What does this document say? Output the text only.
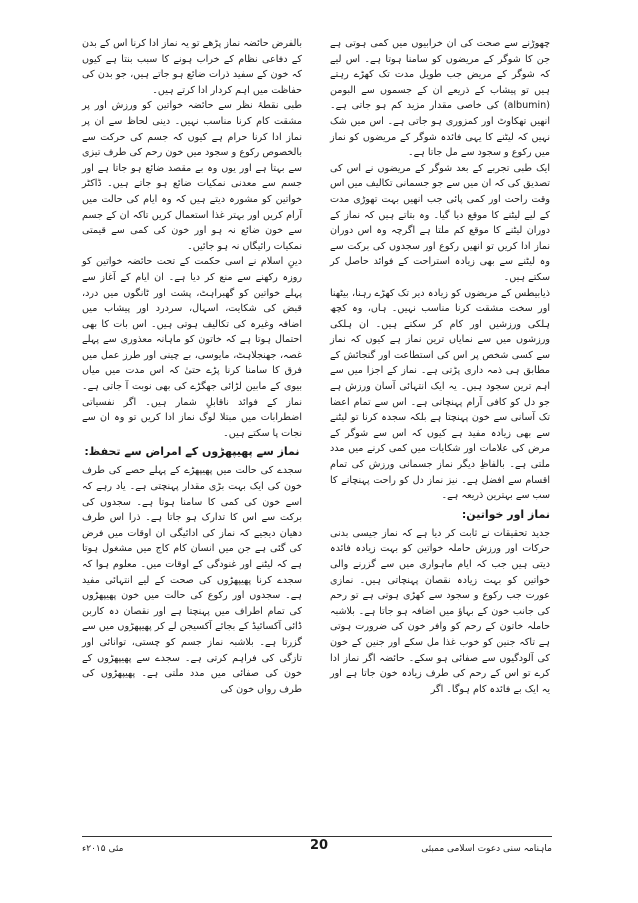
چھوڑنے سے صحت کی ان خرابیوں میں کمی ہوتی ہے جن کا شوگر کے مریضوں کو سامنا ہوتا ہے۔ اس لیے کہ شوگر کے مریض جب طویل مدت تک کھڑے رہتے ہیں تو پیشاب کے ذریعے ان کے جسموں سے البومن (albumin) کی خاصی مقدار مزید کم ہو جاتی ہے۔ انھیں تھکاوٹ اور کمزوری ہو جاتی ہے۔ اس میں شک نہیں کہ لیٹنے کا یہی فائدہ شوگر کے مریضوں کو نماز میں رکوع و سجود سے مل جاتا ہے۔

ایک طبی تجربے کے بعد شوگر کے مریضوں نے اس کی تصدیق کی کہ ان میں سے جو جسمانی تکالیف میں اس وقت راحت اور کمی پائی جب انھیں بہت تھوڑی مدت کے لیے لیٹنے کا موقع دیا گیا۔ وہ بتاتے ہیں کہ نماز کے دوران لیٹنے کا موقع کم ملتا ہے اگرچہ وہ اس دوران نماز ادا کریں تو انھیں رکوع اور سجدوں کی برکت سے وہ لیٹنے سے بھی زیادہ استراحت کے فوائد حاصل کر سکتے ہیں۔

ذیابیطس کے مریضوں کو زیادہ دیر تک کھڑے رہنا، بیٹھنا اور سخت مشقت کرنا مناسب نہیں۔ ہاں، وہ کچھ ہلکی ورزشیں اور کام کر سکتے ہیں۔ ان ہلکی ورزشوں میں سے نمایاں ترین نماز ہے کیوں کہ نماز سے کسی شخص پر اس کی استطاعت اور گنجائش کے مطابق ہی ذمہ داری پڑتی ہے۔ نماز کے اجزا میں سے اہم ترین سجود ہیں۔ یہ ایک انتہائی آسان ورزش ہے جو دل کو کافی آرام پہنچاتی ہے۔ اس سے تمام اعضا تک آسانی سے خون پہنچتا ہے بلکہ سجدہ کرنا تو لیٹنے سے بھی زیادہ مفید ہے کیوں کہ اس سے شوگر کے مرض کی علامات اور شکایات میں کمی کرنے میں مدد ملتی ہے۔ بالفاظِ دیگر نماز جسمانی ورزش کی تمام اقسام سے افضل ہے۔ نیز نماز دل کو راحت پہنچانے کا سب سے بہترین ذریعہ ہے۔

نماز اور خواتین:

جدید تحقیقات نے ثابت کر دیا ہے کہ نماز جیسی بدنی حرکات اور ورزش حاملہ خواتین کو بہت زیادہ فائدہ دیتی ہیں جب کہ ایام ماہواری میں سے گزرنے والی خواتین کو بہت زیادہ نقصان پہنچاتی ہیں۔ نمازی عورت جب رکوع و سجود سے کھڑی ہوتی ہے تو رحم کی جانب خون کے بہاؤ میں اضافہ ہو جاتا ہے۔ بلاشبہ حاملہ خاتون کے رحم کو وافر خون کی ضرورت ہوتی ہے تاکہ جنین کو خوب غذا مل سکے اور جنین کے خون کی آلودگیوں سے صفائی ہو سکے۔ حائضہ اگر نماز ادا کرے تو اس کے رحم کی طرف زیادہ خون جاتا ہے اور یہ ایک بے فائدہ کام ہوگا۔ اگر

بالفرض حائضہ نماز پڑھے تو یہ نماز ادا کرنا اس کے بدن کے دفاعی نظام کے خراب ہونے کا سبب بنتا ہے کیوں کہ خون کے سفید ذرات ضائع ہو جاتے ہیں، جو بدن کی حفاظت میں اہم کردار ادا کرتے ہیں۔

طبی نقطۂ نظر سے حائضہ خواتین کو ورزش اور پر مشقت کام کرنا مناسب نہیں۔ دینی لحاظ سے ان پر نماز ادا کرنا حرام ہے کیوں کہ جسم کی حرکت سے بالخصوص رکوع و سجود میں خون رحم کی طرف تیزی سے بہتا ہے اور یوں وہ بے مقصد ضائع ہو جاتا ہے اور جسم سے معدنی نمکیات ضائع ہو جاتے ہیں۔ ڈاکٹر خواتین کو مشورہ دیتے ہیں کہ وہ ایام کی حالت میں آرام کریں اور بہتر غذا استعمال کریں تاکہ ان کے جسم سے خون ضائع نہ ہو اور خون کی کمی سے قیمتی نمکیات رائیگاں نہ ہو جائیں۔

دینِ اسلام نے اسی حکمت کے تحت حائضہ خواتین کو روزہ رکھنے سے منع کر دیا ہے۔ ان ایام کے آغاز سے پہلے خواتین کو گھبراہٹ، پشت اور ٹانگوں میں درد، قبض کی شکایت، اسہال، سردرد اور پیشاب میں اضافہ وغیرہ کی تکالیف ہوتی ہیں۔ اس بات کا بھی احتمال ہوتا ہے کہ خاتون کو ماہانہ معذوری سے پہلے غصہ، جھنجلاہٹ، مایوسی، بے چینی اور طرز عمل میں فرق کا سامنا کرنا پڑے حتیٰ کہ اس مدت میں میاں بیوی کے مابین لڑائی جھگڑے کی بھی نوبت آ جاتی ہے۔ نماز کے فوائد ناقابلِ شمار ہیں۔ اگر نفسیاتی اضطرابات میں مبتلا لوگ نماز ادا کریں تو وہ ان سے نجات پا سکتے ہیں۔

نماز سے پھیپھڑوں کے امراض سے تحفظ:

سجدے کی حالت میں پھیپھڑے کے پہلے حصے کی طرف خون کی ایک بہت بڑی مقدار پہنچتی ہے۔ یاد رہے کہ اسے خون کی کمی کا سامنا ہوتا ہے۔ سجدوں کی برکت سے اس کا تدارک ہو جاتا ہے۔ ذرا اس طرف دھیان دیجیے کہ نماز کی ادائیگی ان اوقات میں فرض کی گئی ہے جن میں انسان کام کاج میں مشغول ہوتا ہے کہ لیٹنے اور غنودگی کے اوقات میں۔ معلوم ہوا کہ سجدے کرنا پھیپھڑوں کی صحت کے لیے انتہائی مفید ہے۔ سجدوں اور رکوع کی حالت میں خون پھیپھڑوں کی تمام اطراف میں پہنچتا ہے اور نقصان دہ کاربن ڈائی آکسائیڈ کے بجائے آکسیجن لے کر پھیپھڑوں میں سے گزرتا ہے۔ بلاشبہ نماز جسم کو چستی، توانائی اور تازگی کی فراہم کرتی ہے۔ سجدے سے پھیپھڑوں کے خون کی صفائی میں مدد ملتی ہے۔ پھیپھڑوں کی طرف رواں خون کی

ماہنامہ سنی دعوت اسلامی ممبئی
20
مئی ۲۰۱۵ء
